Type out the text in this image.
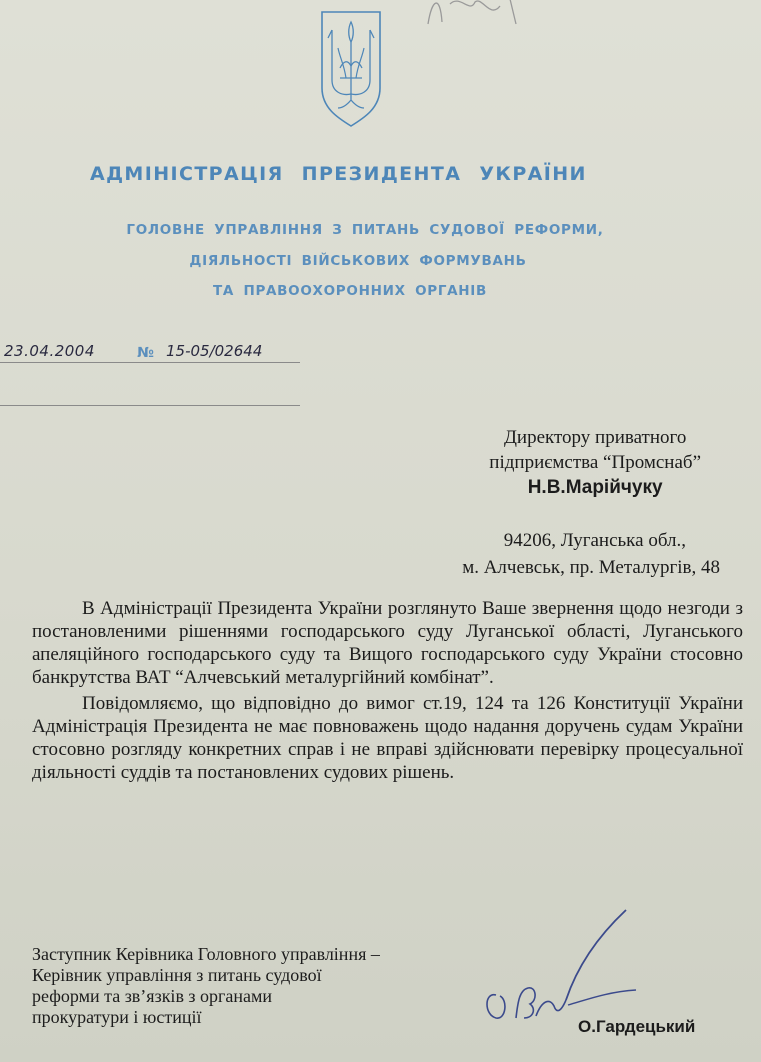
АДМІНІСТРАЦІЯ ПРЕЗИДЕНТА УКРАЇНИ
ГОЛОВНЕ УПРАВЛІННЯ З ПИТАНЬ СУДОВОЇ РЕФОРМИ,
ДІЯЛЬНОСТІ ВІЙСЬКОВИХ ФОРМУВАНЬ
ТА ПРАВООХОРОННИХ ОРГАНІВ
23.04.2004	№ 15-05/02644
Директору приватного
підприємства “Промснаб”
Н.В.Марійчуку
94206, Луганська обл.,
м. Алчевськ, пр. Металургів, 48

В Адміністрації Президента України розглянуто Ваше звернення щодо незгоди з постановленими рішеннями господарського суду Луганської області, Луганського апеляційного господарського суду та Вищого господарського суду України стосовно банкрутства ВАТ “Алчевський металургійний комбінат”.

Повідомляємо, що відповідно до вимог ст.19, 124 та 126 Конституції України Адміністрація Президента не має повноважень щодо надання доручень судам України стосовно розгляду конкретних справ і не вправі здійснювати перевірку процесуальної діяльності суддів та постановлених судових рішень.

Заступник Керівника Головного управління –
Керівник управління з питань судової
реформи та зв’язків з органами
прокуратури і юстиції	О.Гардецький
